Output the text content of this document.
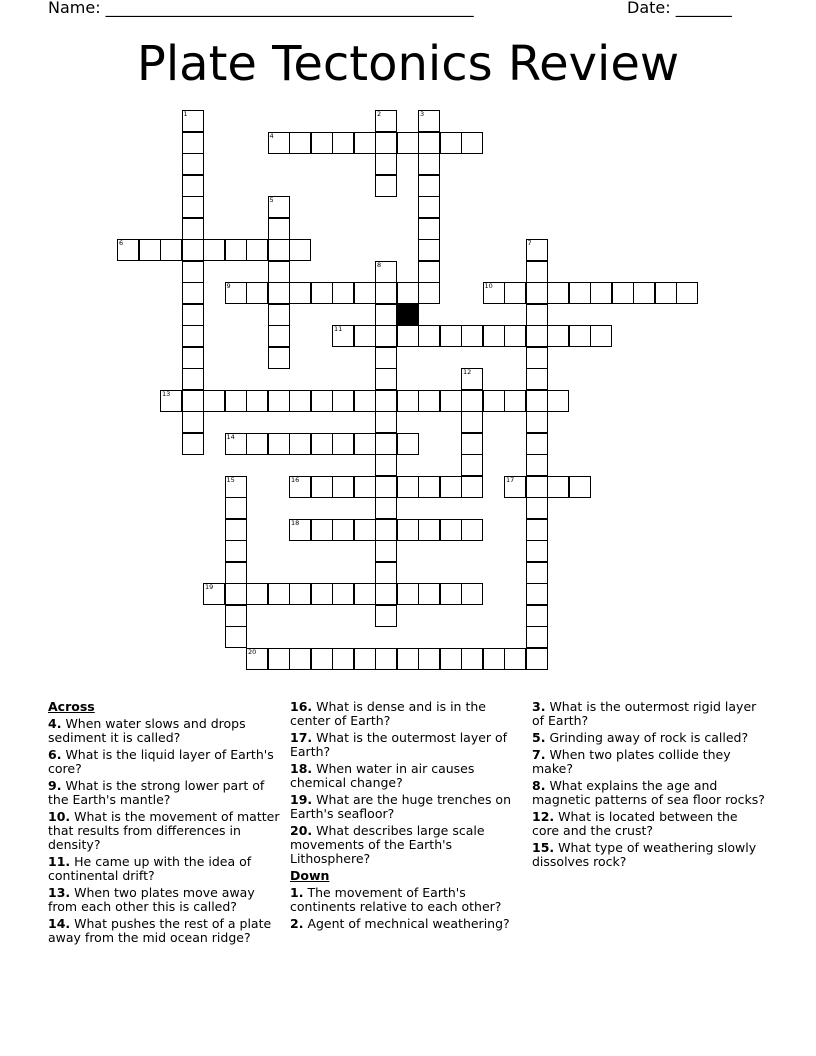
Name: ______________________________________________	Date: _______
Plate Tectonics Review
1	2	3
4
5
6	7
8
9	10
11
12
13
14
15	16	17
18
19
20
Across
4. When water slows and drops sediment it is called?
6. What is the liquid layer of Earth's core?
9. What is the strong lower part of the Earth's mantle?
10. What is the movement of matter that results from differences in density?
11. He came up with the idea of continental drift?
13. When two plates move away from each other this is called?
14. What pushes the rest of a plate away from the mid ocean ridge?
16. What is dense and is in the center of Earth?
17. What is the outermost layer of Earth?
18. When water in air causes chemical change?
19. What are the huge trenches on Earth's seafloor?
20. What describes large scale movements of the Earth's Lithosphere?
Down
1. The movement of Earth's continents relative to each other?
2. Agent of mechnical weathering?
3. What is the outermost rigid layer of Earth?
5. Grinding away of rock is called?
7. When two plates collide they make?
8. What explains the age and magnetic patterns of sea floor rocks?
12. What is located between the core and the crust?
15. What type of weathering slowly dissolves rock?
